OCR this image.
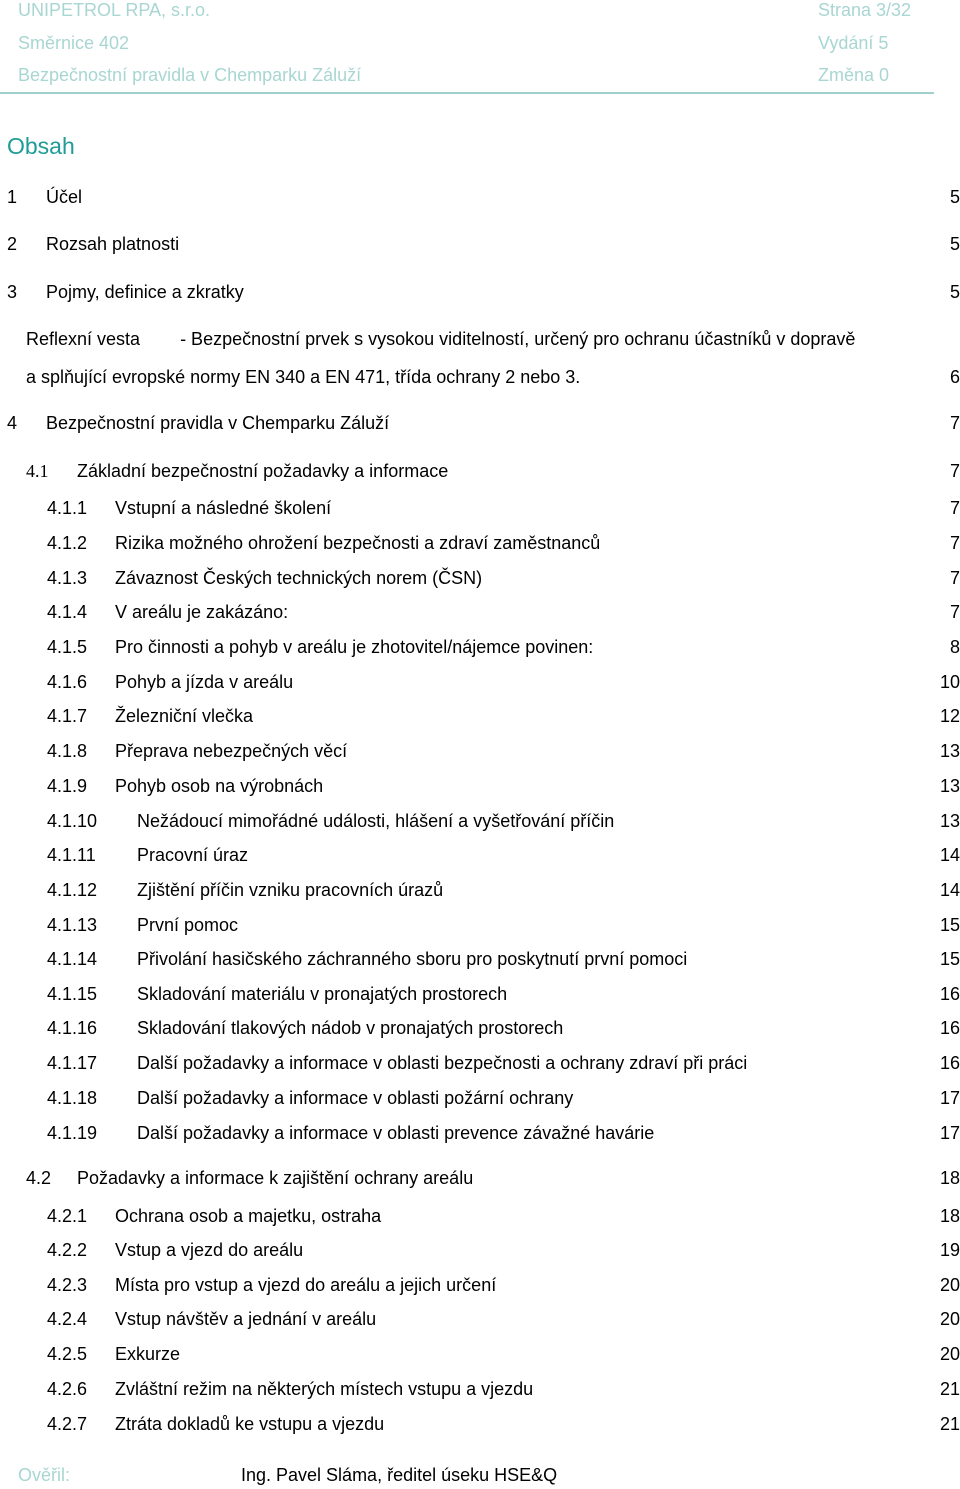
UNIPETROL RPA, s.r.o.	Strana 3/32
Směrnice 402	Vydání 5
Bezpečnostní pravidla v Chemparku Záluží	Změna 0
Obsah
1 Účel	5
2 Rozsah platnosti	5
3 Pojmy, definice a zkratky	5
Reflexní vesta        - Bezpečnostní prvek s vysokou viditelností, určený pro ochranu účastníků v dopravě
a splňující evropské normy EN 340 a EN 471, třída ochrany 2 nebo 3.	6
4 Bezpečnostní pravidla v Chemparku Záluží	7
4.1 Základní bezpečnostní požadavky a informace	7
4.1.1 Vstupní a následné školení	7
4.1.2 Rizika možného ohrožení bezpečnosti a zdraví zaměstnanců	7
4.1.3 Závaznost Českých technických norem (ČSN)	7
4.1.4 V areálu je zakázáno:	7
4.1.5 Pro činnosti a pohyb v areálu je zhotovitel/nájemce povinen:	8
4.1.6 Pohyb a jízda v areálu	10
4.1.7 Železniční vlečka	12
4.1.8 Přeprava nebezpečných věcí	13
4.1.9 Pohyb osob na výrobnách	13
4.1.10 Nežádoucí mimořádné události, hlášení a vyšetřování příčin	13
4.1.11 Pracovní úraz	14
4.1.12 Zjištění příčin vzniku pracovních úrazů	14
4.1.13 První pomoc	15
4.1.14 Přivolání hasičského záchranného sboru pro poskytnutí první pomoci	15
4.1.15 Skladování materiálu v pronajatých prostorech	16
4.1.16 Skladování tlakových nádob v pronajatých prostorech	16
4.1.17 Další požadavky a informace v oblasti bezpečnosti a ochrany zdraví při práci	16
4.1.18 Další požadavky a informace v oblasti požární ochrany	17
4.1.19 Další požadavky a informace v oblasti prevence závažné havárie	17
4.2 Požadavky a informace k zajištění ochrany areálu	18
4.2.1 Ochrana osob a majetku, ostraha	18
4.2.2 Vstup a vjezd do areálu	19
4.2.3 Místa pro vstup a vjezd do areálu a jejich určení	20
4.2.4 Vstup návštěv a jednání v areálu	20
4.2.5 Exkurze	20
4.2.6 Zvláštní režim na některých místech vstupu a vjezdu	21
4.2.7 Ztráta dokladů ke vstupu a vjezdu	21
Ověřil:	Ing. Pavel Sláma, ředitel úseku HSE&Q
